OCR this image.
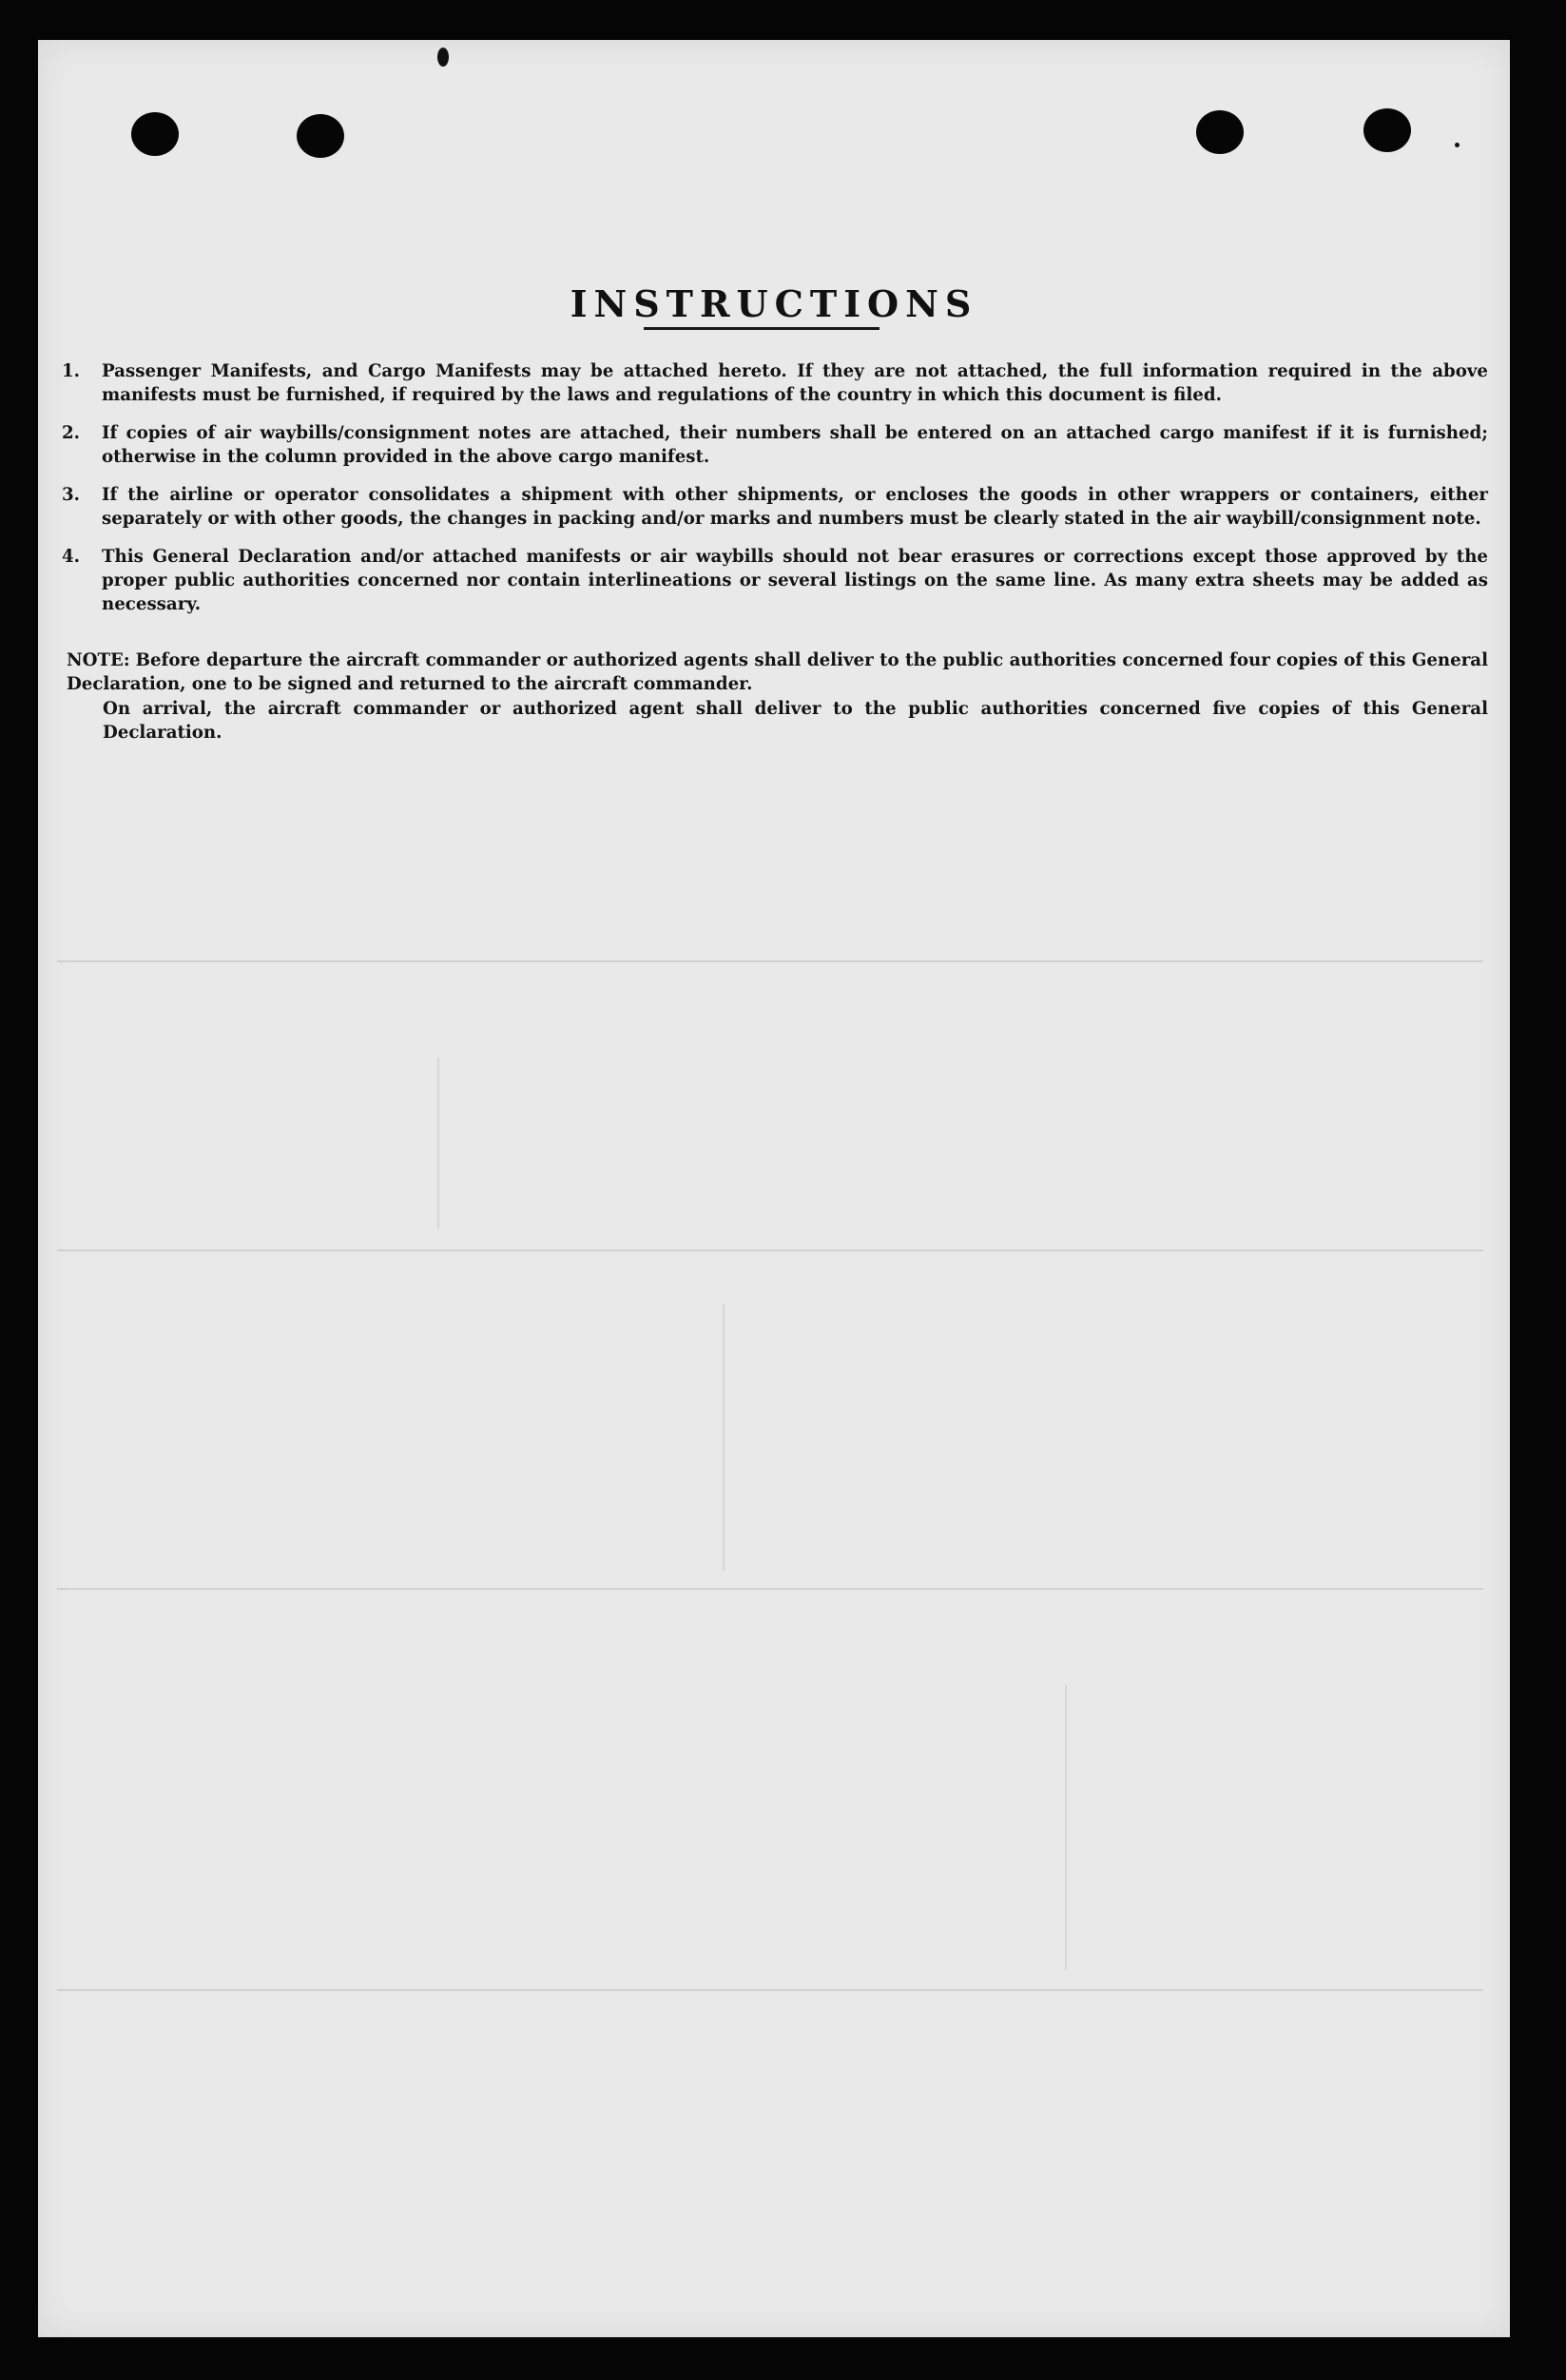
INSTRUCTIONS
1. Passenger Manifests, and Cargo Manifests may be attached hereto. If they are not attached, the full information required in the above manifests must be furnished, if required by the laws and regulations of the country in which this document is filed.
2. If copies of air waybills/consignment notes are attached, their numbers shall be entered on an attached cargo manifest if it is furnished; otherwise in the column provided in the above cargo manifest.
3. If the airline or operator consolidates a shipment with other shipments, or encloses the goods in other wrappers or containers, either separately or with other goods, the changes in packing and/or marks and numbers must be clearly stated in the air waybill/consignment note.
4. This General Declaration and/or attached manifests or air waybills should not bear erasures or corrections except those approved by the proper public authorities concerned nor contain interlineations or several listings on the same line. As many extra sheets may be added as necessary.

NOTE: Before departure the aircraft commander or authorized agents shall deliver to the public authorities concerned four copies of this General Declaration, one to be signed and returned to the aircraft commander.

On arrival, the aircraft commander or authorized agent shall deliver to the public authorities concerned five copies of this General Declaration.
